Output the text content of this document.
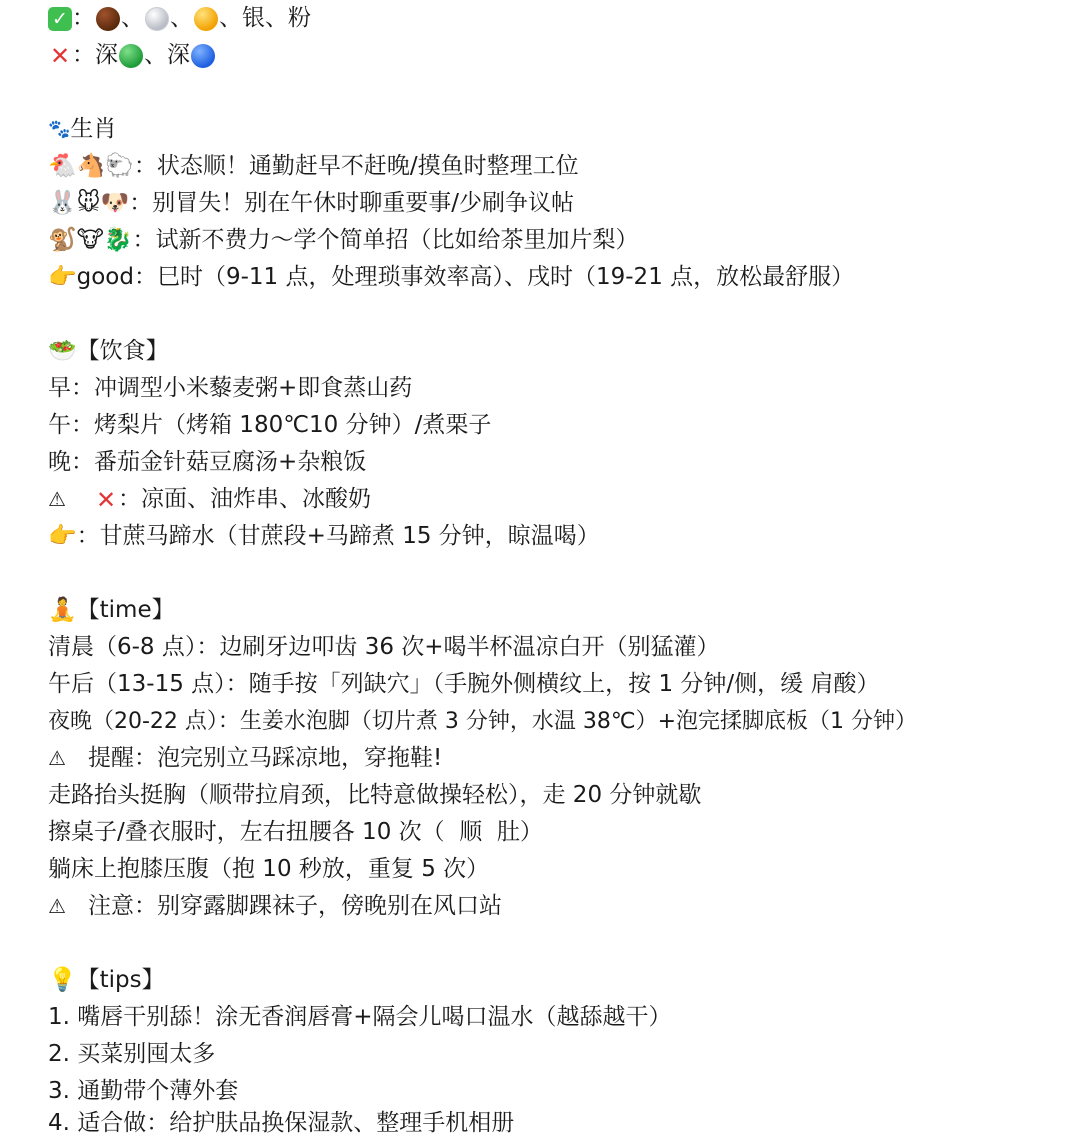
✓ ： 、 、 、 银、粉
✕ ： 深 、 深
🐾 生肖
🐔🐴🐑 ：状态顺！通勤赶早不赶晚/摸鱼时整理工位
🐰🐭🐶 ：别冒失！别在午休时聊重要事/少刷争议帖
🐒🐮🐉 ：试新不费力～学个简单招（比如给茶里加片梨）
👉 good：巳时（9-11 点，处理琐事效率高）、戌时（19-21 点，放松最舒服）
🥗 【饮食】
早：冲调型小米藜麦粥+即食蒸山药
午：烤梨片（烤箱 180℃10 分钟）/煮栗子
晚：番茄金针菇豆腐汤+杂粮饭
⚠	✕ ：凉面、油炸串、冰酸奶
👉 ：甘蔗马蹄水（甘蔗段+马蹄煮 15 分钟，晾温喝）
🧘 【time】
清晨（6-8 点）：边刷牙边叩齿 36 次+喝半杯温凉白开（别猛灌）
午后（13-15 点）：随手按「列缺穴」（手腕外侧横纹上，按 1 分钟/侧，缓 肩酸）
夜晚（20-22 点）：生姜水泡脚（切片煮 3 分钟，水温 38℃）+泡完揉脚底板（1 分钟）
⚠ 提醒：泡完别立马踩凉地，穿拖鞋!
走路抬头挺胸（顺带拉肩颈，比特意做操轻松），走 20 分钟就歇
擦桌子/叠衣服时，左右扭腰各 10 次（  顺  肚）
躺床上抱膝压腹（抱 10 秒放，重复 5 次）
⚠ 注意：别穿露脚踝袜子，傍晚别在风口站
💡 【tips】
1. 嘴唇干别舔！涂无香润唇膏+隔会儿喝口温水（越舔越干）
2. 买菜别囤太多
3. 通勤带个薄外套
4. 适合做：给护肤品换保湿款、整理手机相册
